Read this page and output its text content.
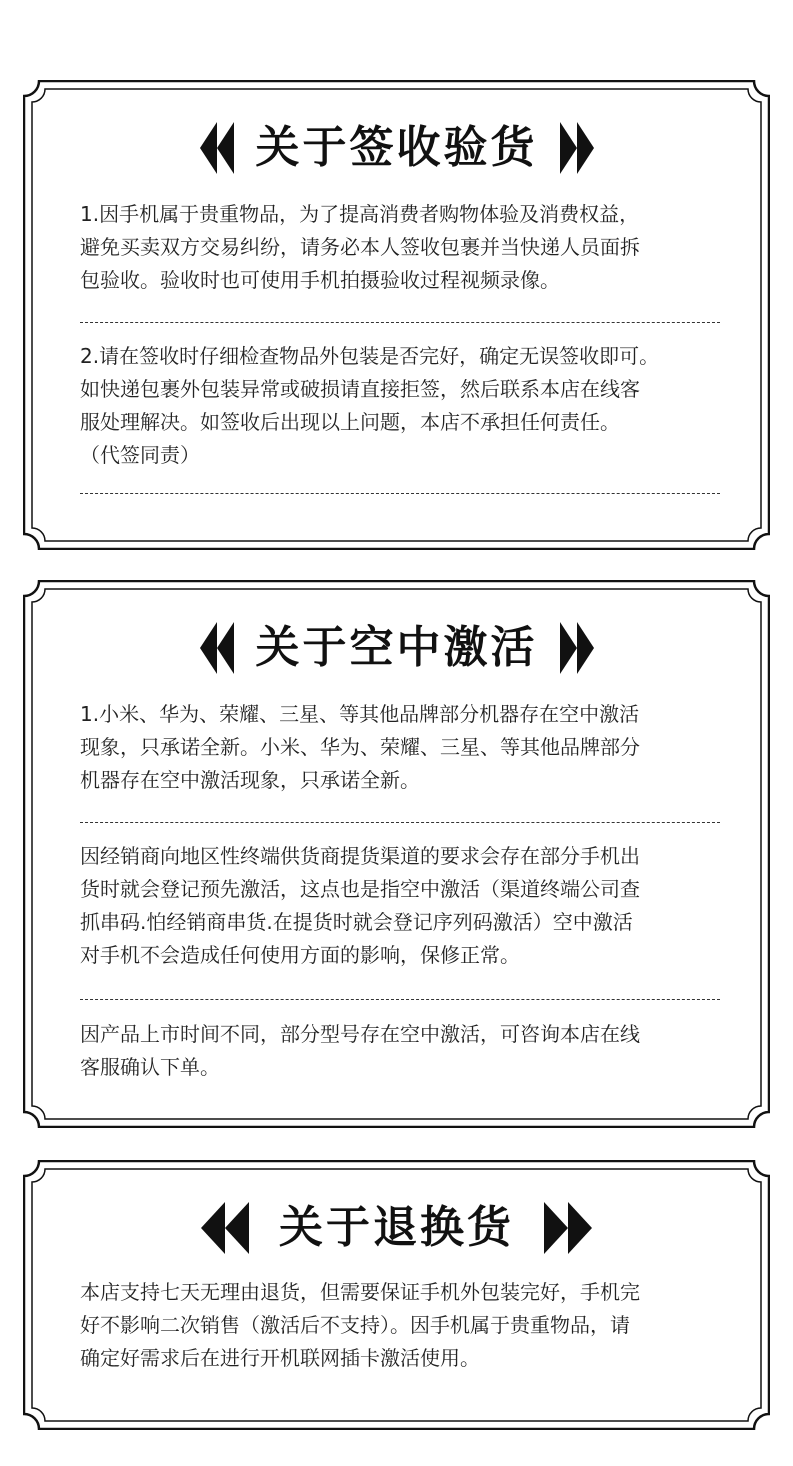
关于签收验货

1.因手机属于贵重物品，为了提高消费者购物体验及消费权益，
避免买卖双方交易纠纷，请务必本人签收包裹并当快递人员面拆
包验收。验收时也可使用手机拍摄验收过程视频录像。

2.请在签收时仔细检查物品外包装是否完好，确定无误签收即可。
如快递包裹外包装异常或破损请直接拒签，然后联系本店在线客
服处理解决。如签收后出现以上问题，本店不承担任何责任。
（代签同责）

关于空中激活

1.小米、华为、荣耀、三星、等其他品牌部分机器存在空中激活
现象，只承诺全新。小米、华为、荣耀、三星、等其他品牌部分
机器存在空中激活现象，只承诺全新。

因经销商向地区性终端供货商提货渠道的要求会存在部分手机出
货时就会登记预先激活，这点也是指空中激活（渠道终端公司查
抓串码.怕经销商串货.在提货时就会登记序列码激活）空中激活
对手机不会造成任何使用方面的影响，保修正常。

因产品上市时间不同，部分型号存在空中激活，可咨询本店在线
客服确认下单。

关于退换货

本店支持七天无理由退货，但需要保证手机外包装完好，手机完
好不影响二次销售（激活后不支持）。因手机属于贵重物品，请
确定好需求后在进行开机联网插卡激活使用。
